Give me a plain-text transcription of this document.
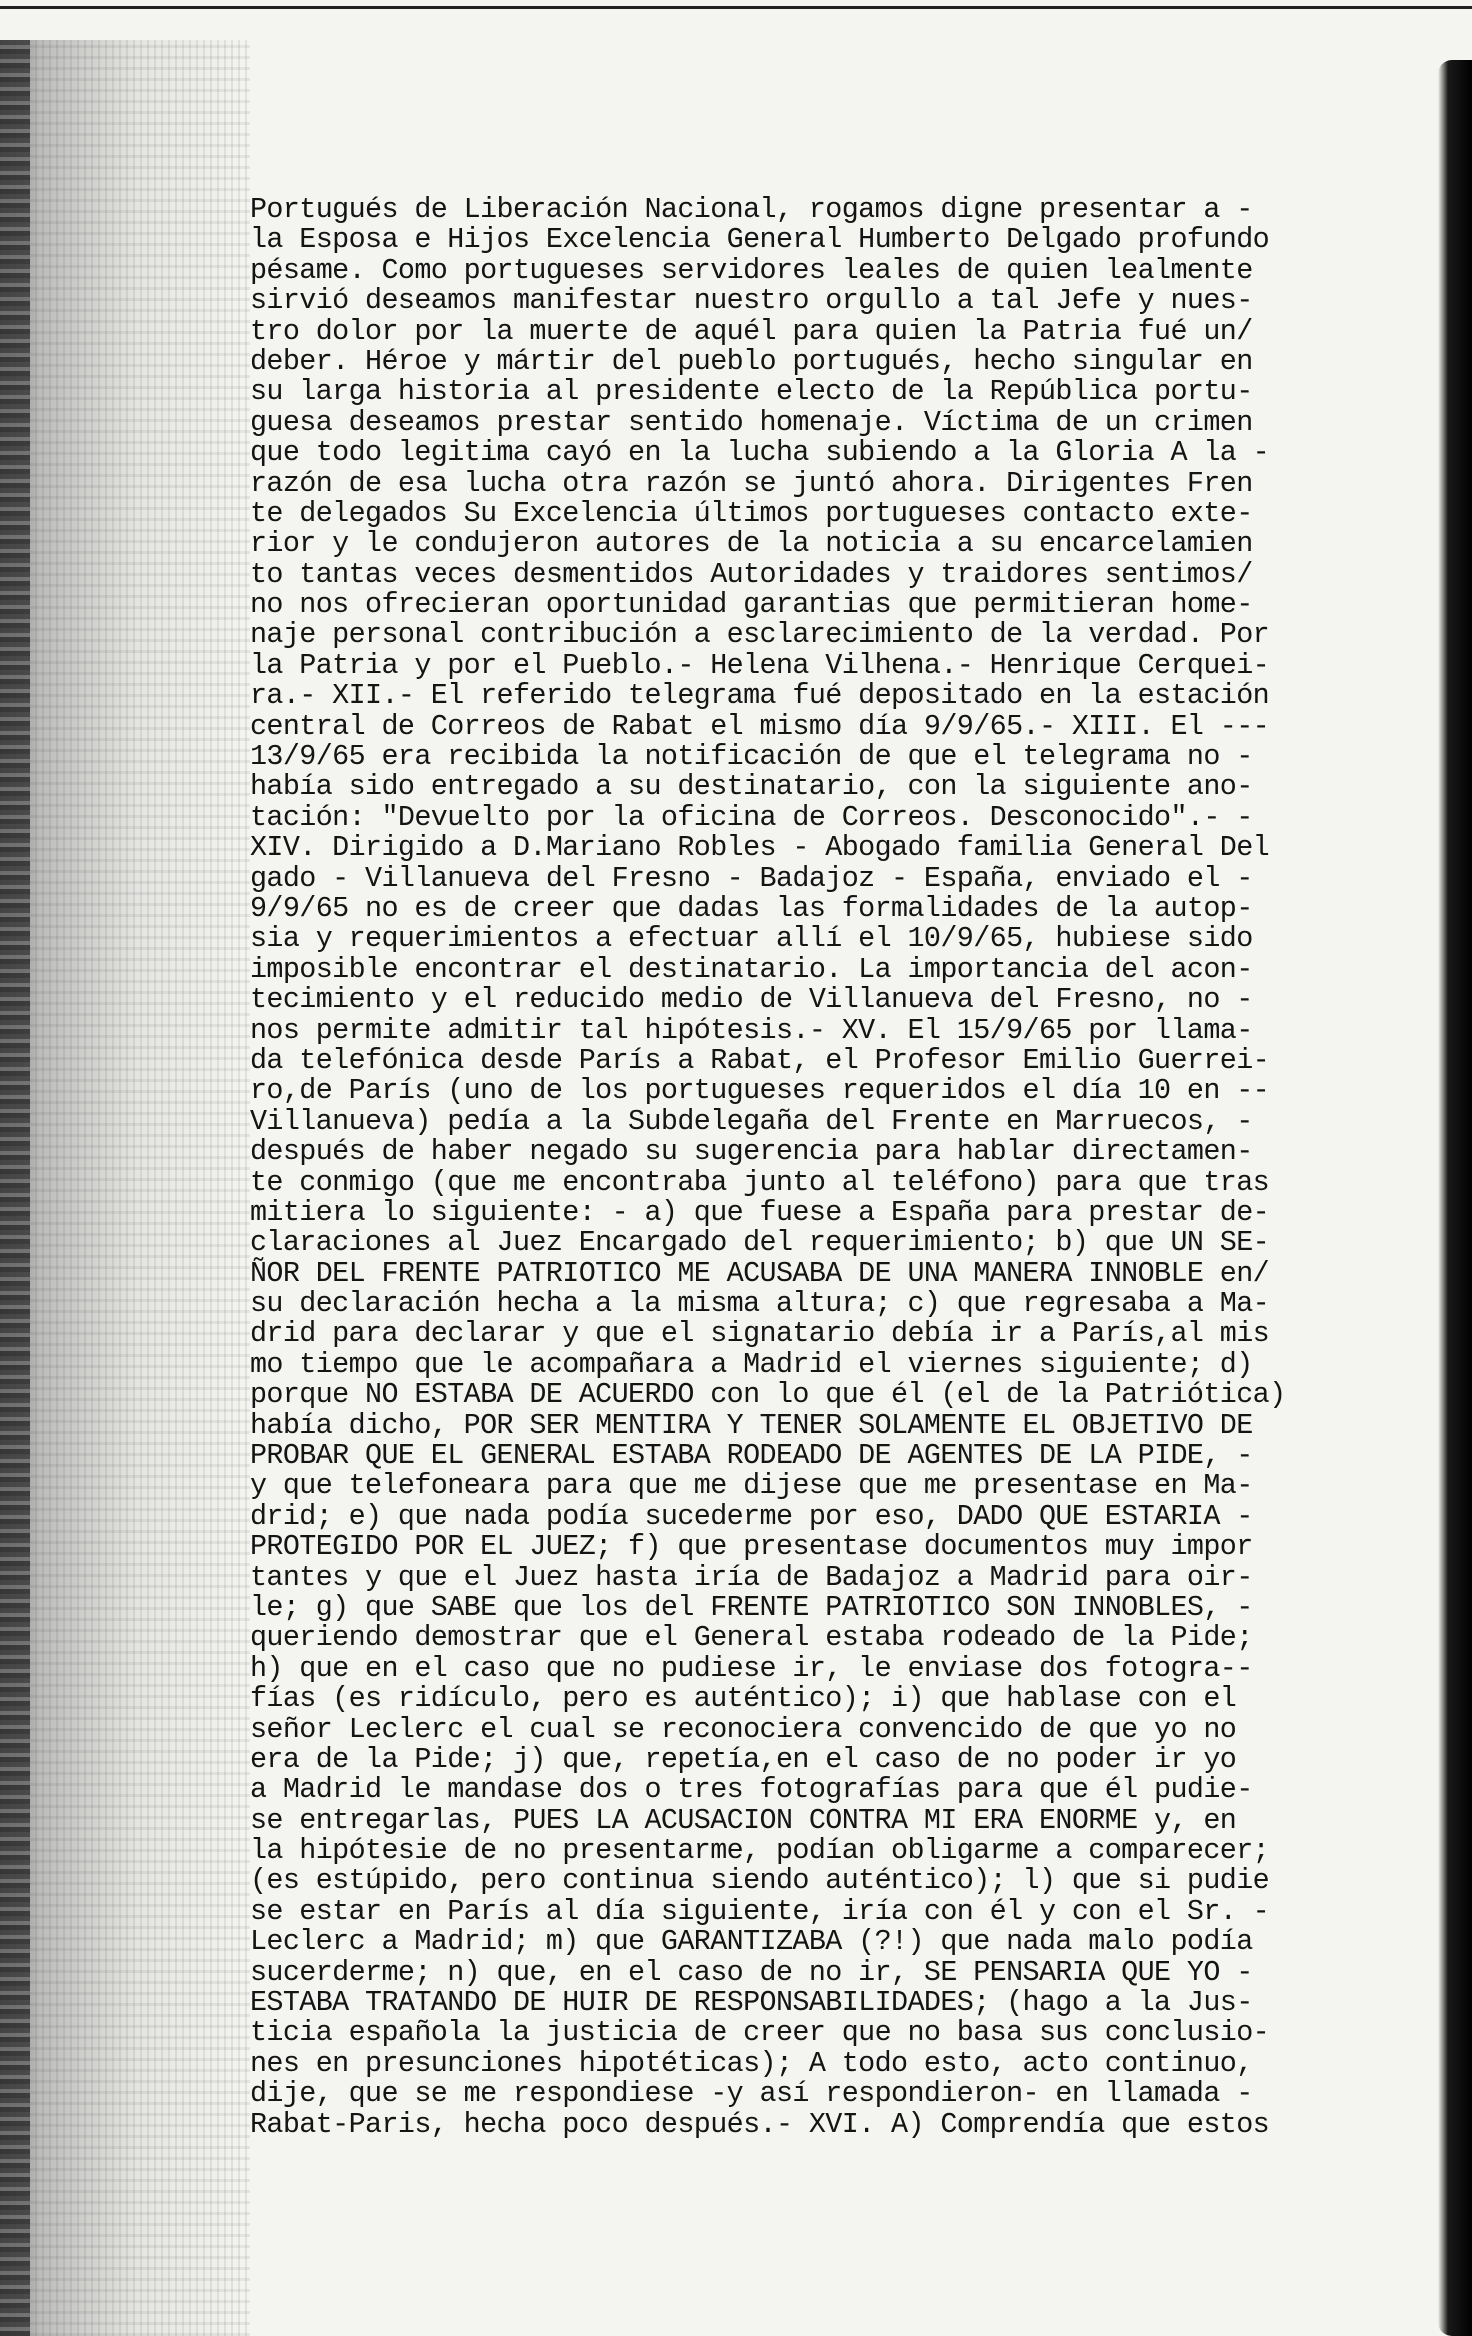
Portugués de Liberación Nacional, rogamos digne presentar a -
la Esposa e Hijos Excelencia General Humberto Delgado profundo
pésame. Como portugueses servidores leales de quien lealmente
sirvió deseamos manifestar nuestro orgullo a tal Jefe y nues-
tro dolor por la muerte de aquél para quien la Patria fué un/
deber. Héroe y mártir del pueblo portugués, hecho singular en
su larga historia al presidente electo de la República portu-
guesa deseamos prestar sentido homenaje. Víctima de un crimen
que todo legitima cayó en la lucha subiendo a la Gloria A la -
razón de esa lucha otra razón se juntó ahora. Dirigentes Fren
te delegados Su Excelencia últimos portugueses contacto exte-
rior y le condujeron autores de la noticia a su encarcelamien
to tantas veces desmentidos Autoridades y traidores sentimos/
no nos ofrecieran oportunidad garantias que permitieran home-
naje personal contribución a esclarecimiento de la verdad. Por
la Patria y por el Pueblo.- Helena Vilhena.- Henrique Cerquei-
ra.- XII.- El referido telegrama fué depositado en la estación
central de Correos de Rabat el mismo día 9/9/65.- XIII. El ---
13/9/65 era recibida la notificación de que el telegrama no -
había sido entregado a su destinatario, con la siguiente ano-
tación: "Devuelto por la oficina de Correos. Desconocido".- -
XIV. Dirigido a D.Mariano Robles - Abogado familia General Del
gado - Villanueva del Fresno - Badajoz - España, enviado el -
9/9/65 no es de creer que dadas las formalidades de la autop-
sia y requerimientos a efectuar allí el 10/9/65, hubiese sido
imposible encontrar el destinatario. La importancia del acon-
tecimiento y el reducido medio de Villanueva del Fresno, no -
nos permite admitir tal hipótesis.- XV. El 15/9/65 por llama-
da telefónica desde París a Rabat, el Profesor Emilio Guerrei-
ro,de París (uno de los portugueses requeridos el día 10 en --
Villanueva) pedía a la Subdelegaña del Frente en Marruecos, -
después de haber negado su sugerencia para hablar directamen-
te conmigo (que me encontraba junto al teléfono) para que tras
mitiera lo siguiente: - a) que fuese a España para prestar de-
claraciones al Juez Encargado del requerimiento; b) que UN SE-
ÑOR DEL FRENTE PATRIOTICO ME ACUSABA DE UNA MANERA INNOBLE en/
su declaración hecha a la misma altura; c) que regresaba a Ma-
drid para declarar y que el signatario debía ir a París,al mis
mo tiempo que le acompañara a Madrid el viernes siguiente; d)
porque NO ESTABA DE ACUERDO con lo que él (el de la Patriótica)
había dicho, POR SER MENTIRA Y TENER SOLAMENTE EL OBJETIVO DE
PROBAR QUE EL GENERAL ESTABA RODEADO DE AGENTES DE LA PIDE, -
y que telefoneara para que me dijese que me presentase en Ma-
drid; e) que nada podía sucederme por eso, DADO QUE ESTARIA -
PROTEGIDO POR EL JUEZ; f) que presentase documentos muy impor
tantes y que el Juez hasta iría de Badajoz a Madrid para oir-
le; g) que SABE que los del FRENTE PATRIOTICO SON INNOBLES, -
queriendo demostrar que el General estaba rodeado de la Pide;
h) que en el caso que no pudiese ir, le enviase dos fotogra--
fías (es ridículo, pero es auténtico); i) que hablase con el
señor Leclerc el cual se reconociera convencido de que yo no
era de la Pide; j) que, repetía,en el caso de no poder ir yo
a Madrid le mandase dos o tres fotografías para que él pudie-
se entregarlas, PUES LA ACUSACION CONTRA MI ERA ENORME y, en
la hipótesie de no presentarme, podían obligarme a comparecer;
(es estúpido, pero continua siendo auténtico); l) que si pudie
se estar en París al día siguiente, iría con él y con el Sr. -
Leclerc a Madrid; m) que GARANTIZABA (?!) que nada malo podía
sucerderme; n) que, en el caso de no ir, SE PENSARIA QUE YO -
ESTABA TRATANDO DE HUIR DE RESPONSABILIDADES; (hago a la Jus-
ticia española la justicia de creer que no basa sus conclusio-
nes en presunciones hipotéticas); A todo esto, acto continuo,
dije, que se me respondiese -y así respondieron- en llamada -
Rabat-Paris, hecha poco después.- XVI. A) Comprendía que estos
